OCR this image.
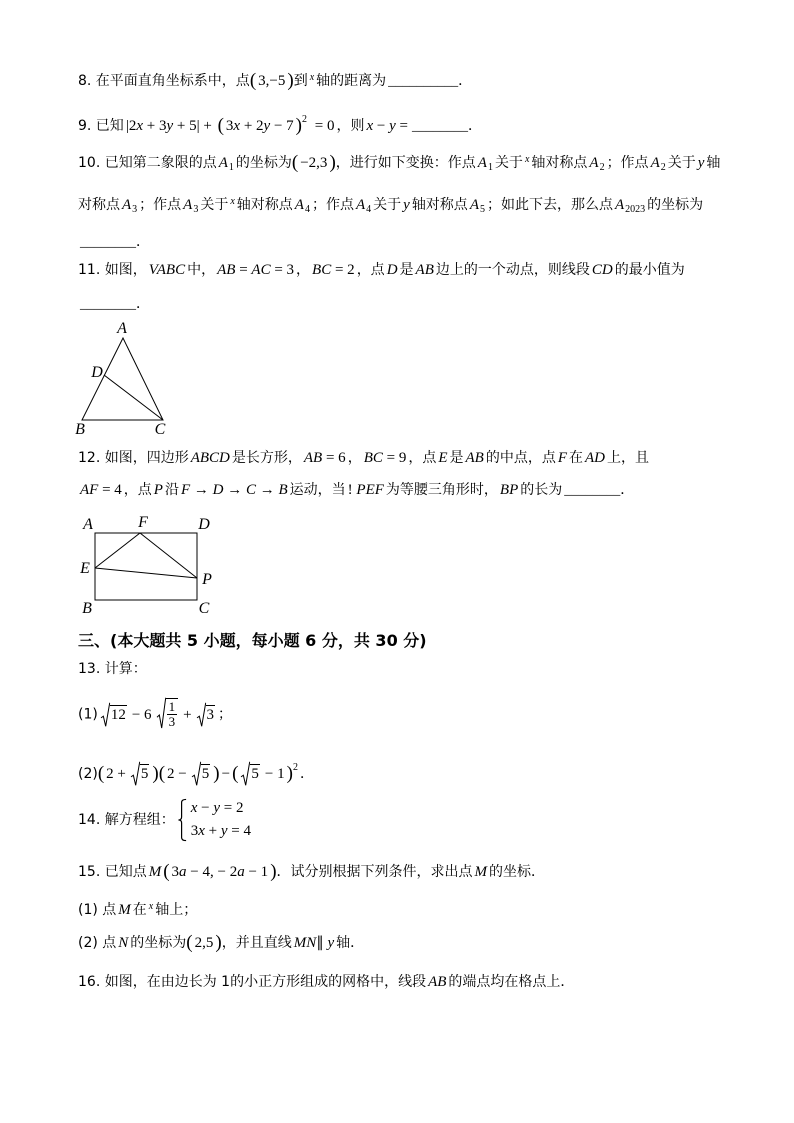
8. 在平面直角坐标系中，点( 3,−5 )到 $^x$ 轴的距离为 __________．
9. 已知 |2x + 3y + 5| + ( 3x + 2y − 7 )$^2$ = 0 ，则 x − y = ________．
10. 已知第二象限的点 $A_1$ 的坐标为( −2,3 )，进行如下变换：作点 $A_1$ 关于 $^x$ 轴对称点 $A_2$ ；作点 $A_2$ 关于 y 轴
对称点 $A_3$ ；作点 $A_3$ 关于 $^x$ 轴对称点 $A_4$ ；作点 $A_4$ 关于 y 轴对称点 $A_5$ ；如此下去，那么点 $A_{2023}$ 的坐标为
________．
11. 如图， VABC 中， AB = AC = 3 ， BC = 2 ，点 D 是 AB 边上的一个动点，则线段 CD 的最小值为
________．
A
D
B	C
12. 如图，四边形 ABCD 是长方形， AB = 6 ， BC = 9 ，点 E 是 AB 的中点，点 F 在 AD 上，且
AF = 4 ，点 P 沿 F → D → C → B 运动，当 ! PEF 为等腰三角形时， BP 的长为 ________．
A	F	D
E
P
B	C
三、(本大题共 5 小题，每小题 6 分，共 30 分)
13. 计算：
(1) $12 - 6 \frac{1}{3} + 3$ ；
(2)( 2 + 5 )( 2 − 5 ) − ( 5 − 1 )$^2$ ．
14. 解方程组：
x − y = 2
3x + y = 4
15. 已知点 M ( 3a − 4, − 2a − 1 )．试分别根据下列条件，求出点 M 的坐标．
(1) 点 M 在 $^x$ 轴上；
(2) 点 N 的坐标为( 2,5 )，并且直线 MN∥ y 轴．
16. 如图，在由边长为 1的小正方形组成的网格中，线段 AB 的端点均在格点上．
